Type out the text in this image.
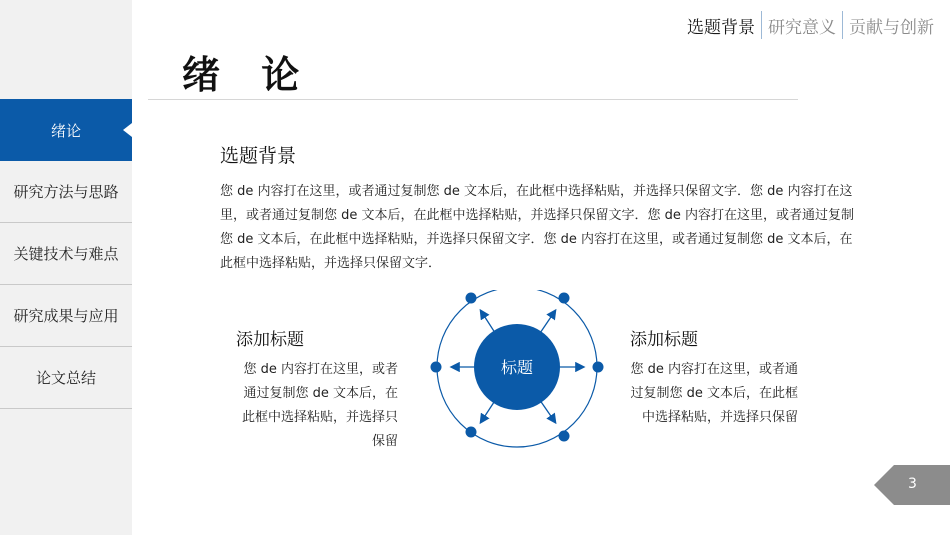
绪论
研究方法与思路
关键技术与难点
研究成果与应用
论文总结
选题背景 研究意义 贡献与创新
绪 论
选题背景
您 de 内容打在这里，或者通过复制您 de 文本后，在此框中选择粘贴，并选择只保留文字．您 de 内容打在这里，或者通过复制您 de 文本后，在此框中选择粘贴，并选择只保留文字．您 de 内容打在这里，或者通过复制您 de 文本后，在此框中选择粘贴，并选择只保留文字．您 de 内容打在这里，或者通过复制您 de 文本后，在此框中选择粘贴，并选择只保留文字．
添加标题

您 de 内容打在这里，或者通过复制您 de 文本后，在此框中选择粘贴，并选择只保留

添加标题

您 de 内容打在这里，或者通过复制您 de 文本后，在此框中选择粘贴，并选择只保留

标题
3
